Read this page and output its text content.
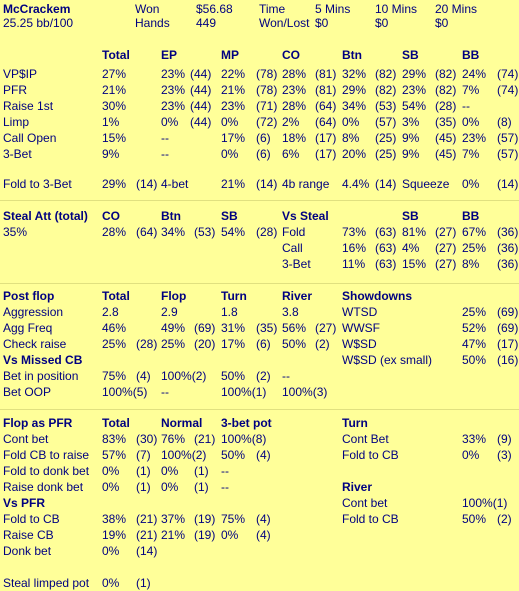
McCrackem
25.25 bb/100
Won	$56.68
Hands 449
Time
Won/Lost
5 Mins
$0
10 Mins
$0
20 Mins
$0
Total	EP	MP	CO	Btn	SB	BB
VP$IP	27%	23% (44) 22% (78) 28% (81) 32% (82) 29% (82) 24% (74)
PFR	21%	23% (44) 21% (78) 23% (81) 29% (82) 23% (82) 7% (74)
Raise 1st	30%	23% (44) 23% (71) 28% (64) 34% (53) 54% (28) --
Limp	1%	0% (44) 0% (72) 2% (64) 0% (57) 3% (35) 0% (8)
Call Open	15%	--	17% (6) 18% (17) 8% (25) 9% (45) 23% (57)
3-Bet	9%	--	0% (6) 6% (17) 20% (25) 9% (45) 7% (57)
Fold to 3-Bet	29% (14) 4-bet	21% (14) 4b range 4.4% (14) Squeeze 0% (14)
Steal Att (total)
35%
CO	Btn	SB
28% (64) 34% (53) 54% (28)
Vs Steal	SB	BB
Fold	73% (63) 81% (27) 67% (36)
Call	16% (63) 4% (27) 25% (36)
3-Bet	11% (63) 15% (27) 8% (36)
Post flop	Total	Flop	Turn	River
Aggression	2.8	2.9	1.8	3.8
Agg Freq	46%	49% (69) 31% (35) 56% (27)
Check raise	25% (28) 25% (20) 17% (6) 50% (2)
Vs Missed CB
Bet in position 75% (4) 100%(2) 50% (2) --
Bet OOP	100%(5) --	100%(1) 100%(3)
Showdowns
WTSD	25% (69)
WWSF	52% (69)
W$SD	47% (17)
W$SD (ex small) 50% (16)
Flop as PFR Total	Normal 3-bet pot
Cont bet	83% (30) 76% (21) 100%(8)
Fold CB to raise 57% (7) 100%(2) 50% (4)
Fold to donk bet 0% (1) 0% (1) --
Raise donk bet 0% (1) 0% (1) --
Vs PFR
Fold to CB	38% (21) 37% (19) 75% (4)
Raise CB	19% (21) 21% (19) 0% (4)
Donk bet	0% (14)
Steal limped pot 0% (1)
Turn
Cont Bet	33% (9)
Fold to CB	0% (3)
River
Cont bet	100%(1)
Fold to CB	50% (2)
